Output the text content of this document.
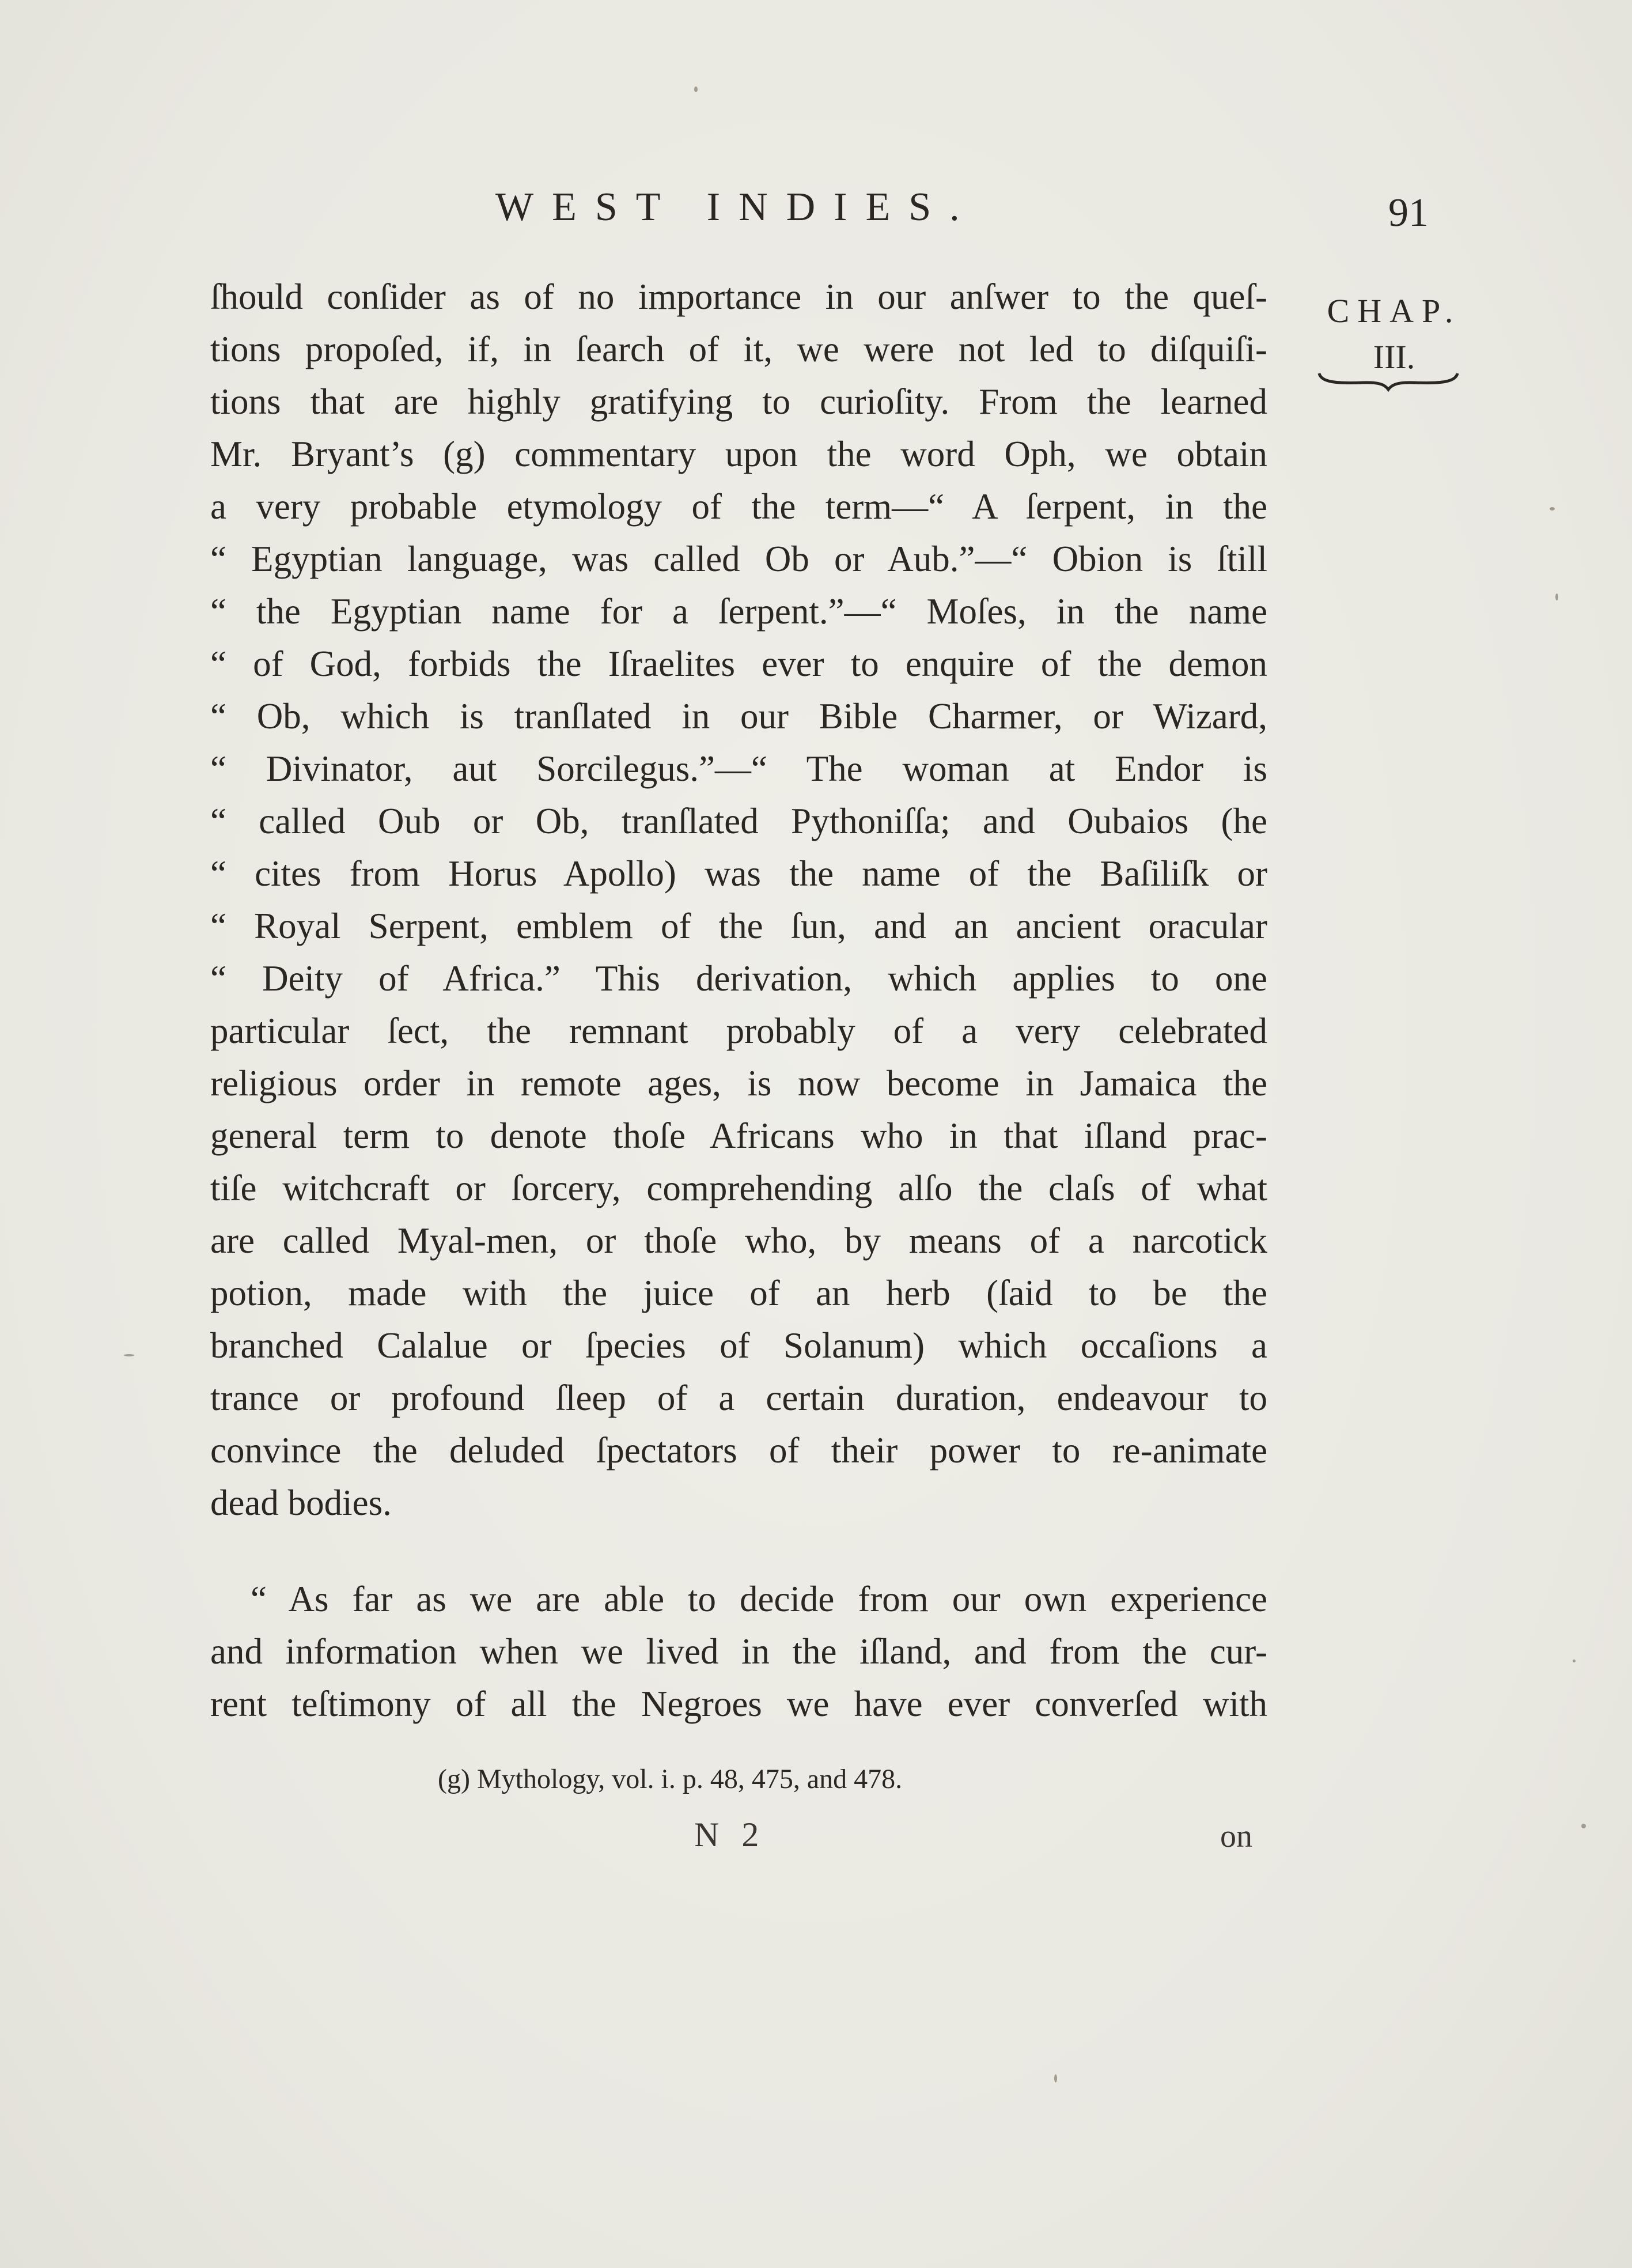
WEST INDIES.	91
CHAP.
III.
ſhould conſider as of no importance in our anſwer to the queſ-
tions propoſed, if, in ſearch of it, we were not led to diſquiſi-
tions that are highly gratifying to curioſity. From the learned
Mr. Bryant’s (g) commentary upon the word Oph, we obtain
a very probable etymology of the term—“ A ſerpent, in the
“ Egyptian language, was called Ob or Aub.”—“ Obion is ſtill
“ the Egyptian name for a ſerpent.”—“ Moſes, in the name
“ of God, forbids the Iſraelites ever to enquire of the demon
“ Ob, which is tranſlated in our Bible Charmer, or Wizard,
“ Divinator, aut Sorcilegus.”—“ The woman at Endor is
“ called Oub or Ob, tranſlated Pythoniſſa; and Oubaios (he
“ cites from Horus Apollo) was the name of the Baſiliſk or
“ Royal Serpent, emblem of the ſun, and an ancient oracular
“ Deity of Africa.” This derivation, which applies to one
particular ſect, the remnant probably of a very celebrated
religious order in remote ages, is now become in Jamaica the
general term to denote thoſe Africans who in that iſland prac-
tiſe witchcraft or ſorcery, comprehending alſo the claſs of what
are called Myal-men, or thoſe who, by means of a narcotick
potion, made with the juice of an herb (ſaid to be the
branched Calalue or ſpecies of Solanum) which occaſions a
trance or profound ſleep of a certain duration, endeavour to
convince the deluded ſpectators of their power to re-animate
dead bodies.
“ As far as we are able to decide from our own experience
and information when we lived in the iſland, and from the cur-
rent teſtimony of all the Negroes we have ever converſed with
(g) Mythology, vol. i. p. 48, 475, and 478.
N 2	on
